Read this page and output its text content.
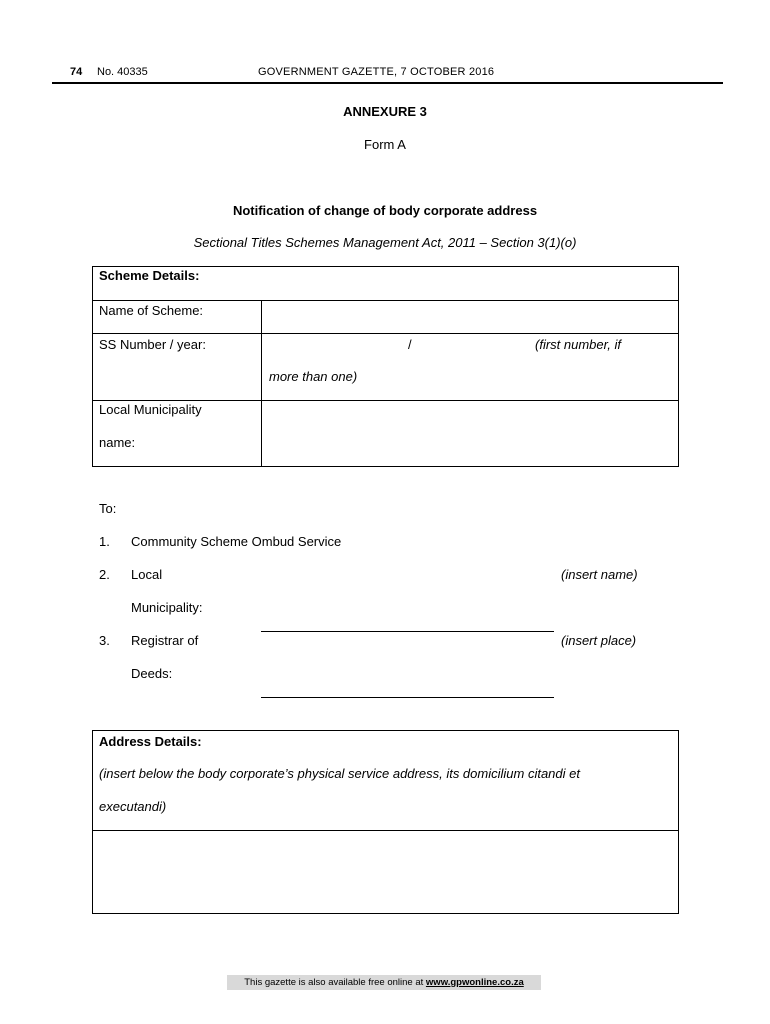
74 No. 40335	GOVERNMENT GAZETTE, 7 OCTOBER 2016
ANNEXURE 3
Form A
Notification of change of body corporate address
Sectional Titles Schemes Management Act, 2011 – Section 3(1)(o)
Scheme Details:
Name of Scheme:
SS Number / year:	/	(first number, if
more than one)
Local Municipality
name:
To:
1. Community Scheme Ombud Service
2. Local
Municipality:
(insert name)
3. Registrar of
Deeds:
(insert place)
Address Details:
(insert below the body corporate’s physical service address, its domicilium citandi et
executandi)
This gazette is also available free online at www.gpwonline.co.za
